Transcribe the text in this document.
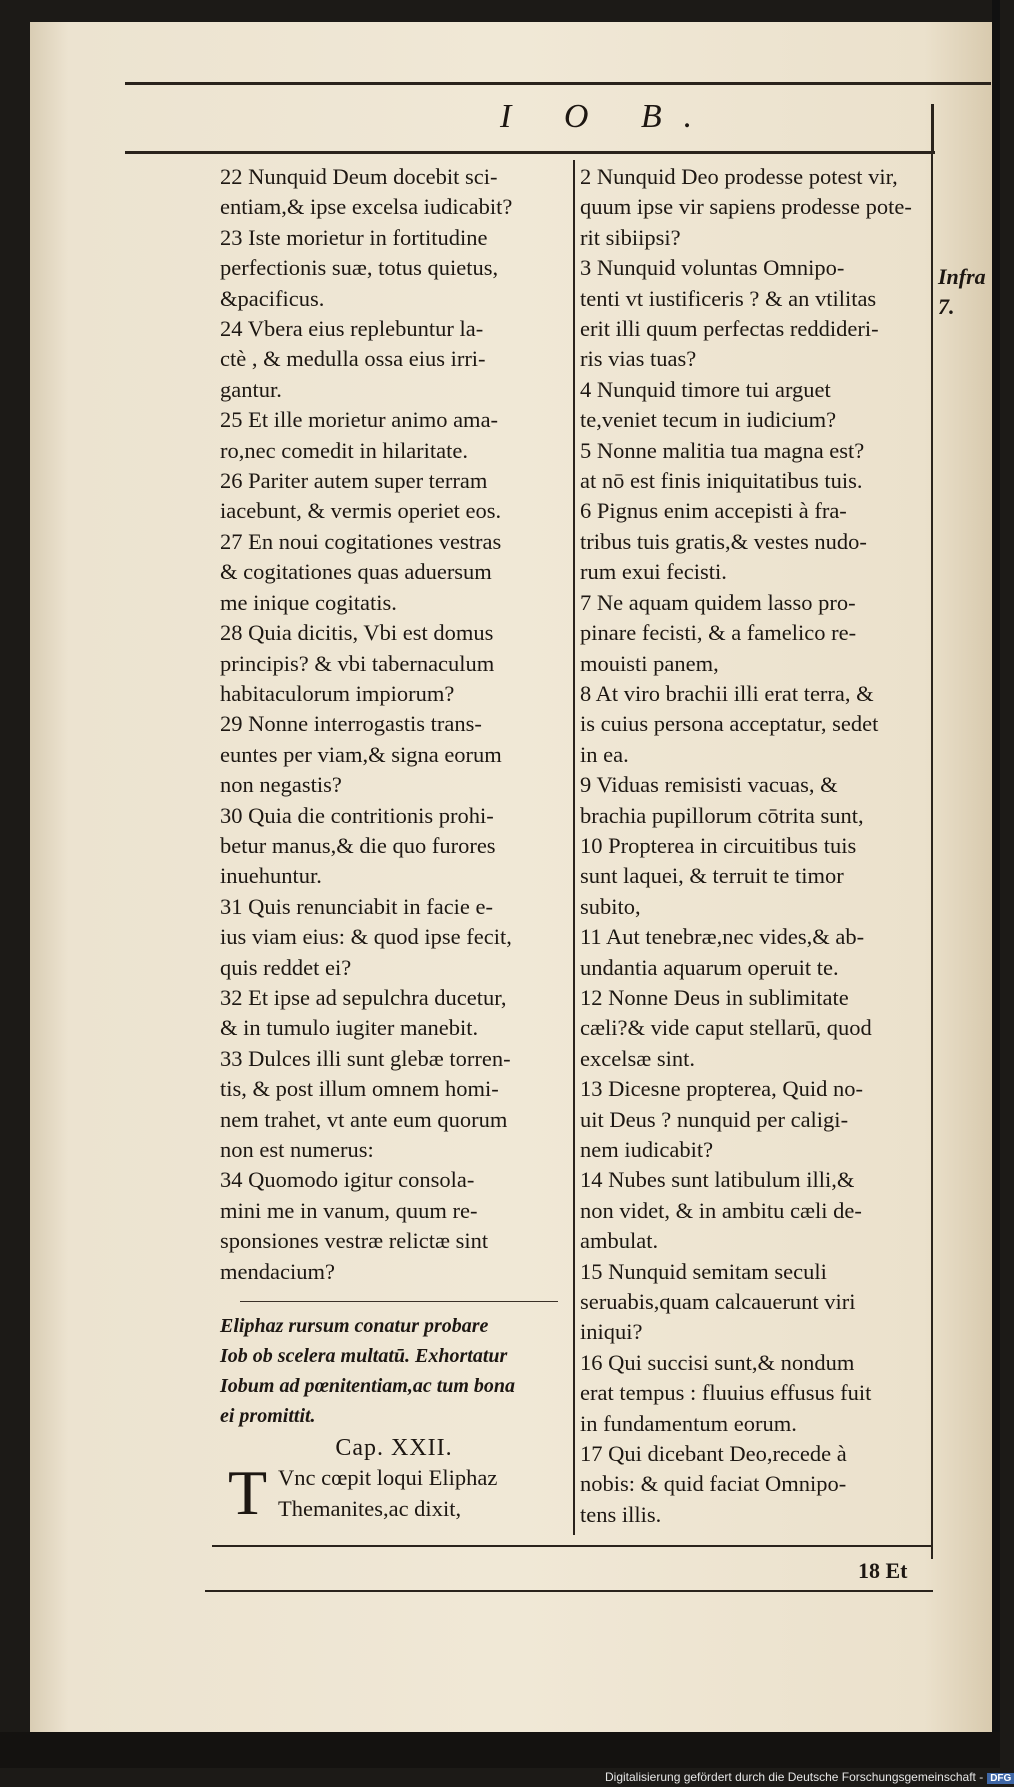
I O B.
22 Nunquid Deum docebit sci-
entiam,& ipse excelsa iudicabit?
23 Iste morietur in fortitudine
perfectionis suæ, totus quietus,
&pacificus.
24 Vbera eius replebuntur la-
ctè , & medulla ossa eius irri-
gantur.
25 Et ille morietur animo ama-
ro,nec comedit in hilaritate.
26 Pariter autem super terram
iacebunt, & vermis operiet eos.
27 En noui cogitationes vestras
& cogitationes quas aduersum
me inique cogitatis.
28 Quia dicitis, Vbi est domus
principis? & vbi tabernaculum
habitaculorum impiorum?
29 Nonne interrogastis trans-
euntes per viam,& signa eorum
non negastis?
30 Quia die contritionis prohi-
betur manus,& die quo furores
inuehuntur.
31 Quis renunciabit in facie e-
ius viam eius: & quod ipse fecit,
quis reddet ei?
32 Et ipse ad sepulchra ducetur,
& in tumulo iugiter manebit.
33 Dulces illi sunt glebæ torren-
tis, & post illum omnem homi-
nem trahet, vt ante eum quorum
non est numerus:
34 Quomodo igitur consola-
mini me in vanum, quum re-
sponsiones vestræ relictæ sint
mendacium?
Eliphaz rursum conatur probare
Iob ob scelera multatū. Exhortatur
Iobum ad pœnitentiam,ac tum bona
ei promittit.
Cap. XXII.
T Vnc cœpit loqui Eliphaz
Themanites,ac dixit,
2 Nunquid Deo prodesse potest vir,
quum ipse vir sapiens prodesse pote-
rit sibiipsi?
3 Nunquid voluntas Omnipo-
tenti vt iustificeris ? & an vtilitas
erit illi quum perfectas reddideri-
ris vias tuas?
4 Nunquid timore tui arguet
te,veniet tecum in iudicium?
5 Nonne malitia tua magna est?
at nō est finis iniquitatibus tuis.
6 Pignus enim accepisti à fra-
tribus tuis gratis,& vestes nudo-
rum exui fecisti.
7 Ne aquam quidem lasso pro-
pinare fecisti, & a famelico re-
mouisti panem,
8 At viro brachii illi erat terra, &
is cuius persona acceptatur, sedet
in ea.
9 Viduas remisisti vacuas, &
brachia pupillorum cōtrita sunt,
10 Propterea in circuitibus tuis
sunt laquei, & terruit te timor
subito,
11 Aut tenebræ,nec vides,& ab-
undantia aquarum operuit te.
12 Nonne Deus in sublimitate
cæli?& vide caput stellarū, quod
excelsæ sint.
13 Dicesne propterea, Quid no-
uit Deus ? nunquid per caligi-
nem iudicabit?
14 Nubes sunt latibulum illi,&
non videt, & in ambitu cæli de-
ambulat.
15 Nunquid semitam seculi
seruabis,quam calcauerunt viri
iniqui?
16 Qui succisi sunt,& nondum
erat tempus : fluuius effusus fuit
in fundamentum eorum.
17 Qui dicebant Deo,recede à
nobis: & quid faciat Omnipo-
tens illis.
Infra
7.
18 Et
Digitalisierung gefördert durch die Deutsche Forschungsgemeinschaft - DFG
